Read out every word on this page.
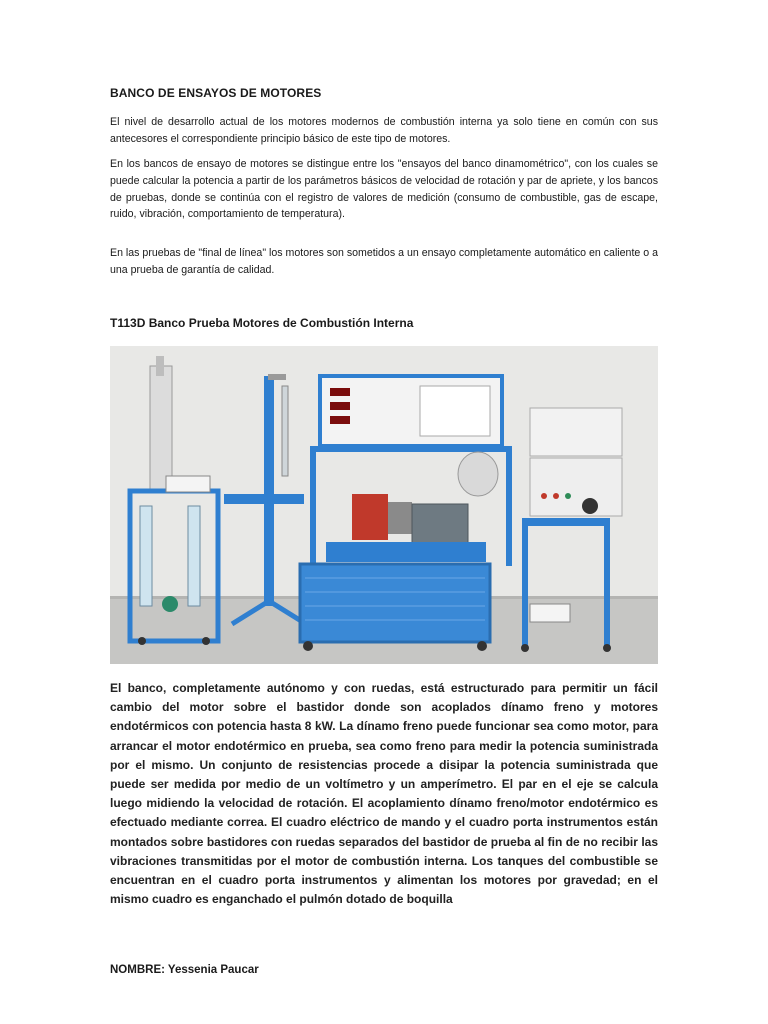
BANCO DE ENSAYOS DE MOTORES
El nivel de desarrollo actual de los motores modernos de combustión interna ya solo tiene en común con sus antecesores el correspondiente principio básico de este tipo de motores.
En los bancos de ensayo de motores se distingue entre los "ensayos del banco dinamométrico", con los cuales se puede calcular la potencia a partir de los parámetros básicos de velocidad de rotación y par de apriete, y los bancos de pruebas, donde se continúa con el registro de valores de medición (consumo de combustible, gas de escape, ruido, vibración, comportamiento de temperatura).
En las pruebas de "final de línea" los motores son sometidos a un ensayo completamente automático en caliente o a una prueba de garantía de calidad.
T113D Banco Prueba Motores de Combustión Interna
El banco, completamente autónomo y con ruedas, está estructurado para permitir un fácil cambio del motor sobre el bastidor donde son acoplados dínamo freno y motores endotérmicos con potencia hasta 8 kW. La dínamo freno puede funcionar sea como motor, para arrancar el motor endotérmico en prueba, sea como freno para medir la potencia suministrada por el mismo. Un conjunto de resistencias procede a disipar la potencia suministrada que puede ser medida por medio de un voltímetro y un amperímetro. El par en el eje se calcula luego midiendo la velocidad de rotación. El acoplamiento dínamo freno/motor endotérmico es efectuado mediante correa. El cuadro eléctrico de mando y el cuadro porta instrumentos están montados sobre bastidores con ruedas separados del bastidor de prueba al fin de no recibir las vibraciones transmitidas por el motor de combustión interna. Los tanques del combustible se encuentran en el cuadro porta instrumentos y alimentan los motores por gravedad; en el mismo cuadro es enganchado el pulmón dotado de boquilla
NOMBRE: Yessenia Paucar
